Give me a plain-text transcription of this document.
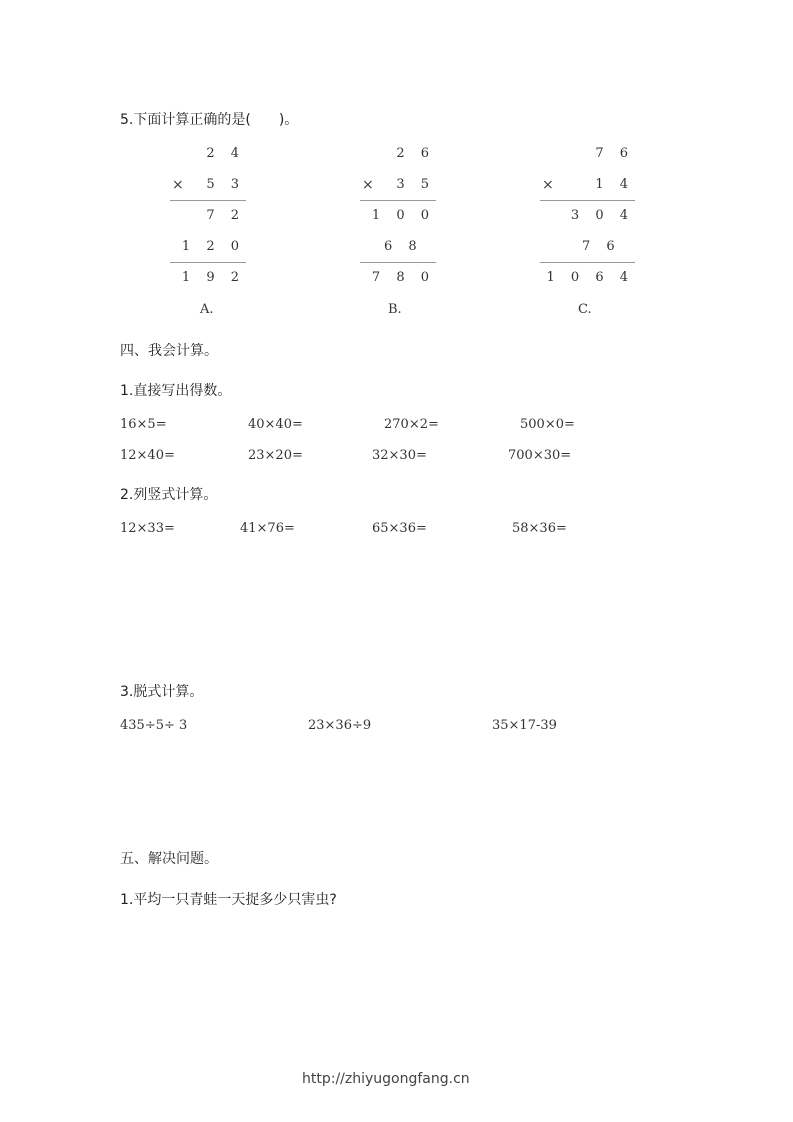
5.下面计算正确的是(　　)。
2 4
× 5 3
7 2
1 2 0
1 9 2
A.
2 6
× 3 5
1 0 0
6 8
7 8 0
B.
7 6
×	1 4
3 0 4
7 6
1 0 6 4
C.
四、我会计算。
1.直接写出得数。
16×5=	40×40=	270×2=	500×0=
12×40=	23×20=	32×30=	700×30=
2.列竖式计算。
12×33=	41×76=	65×36=	58×36=
3.脱式计算。
435÷5÷ 3	23×36÷9	35×17-39
五、解决问题。
1.平均一只青蛙一天捉多少只害虫?
http://zhiyugongfang.cn
